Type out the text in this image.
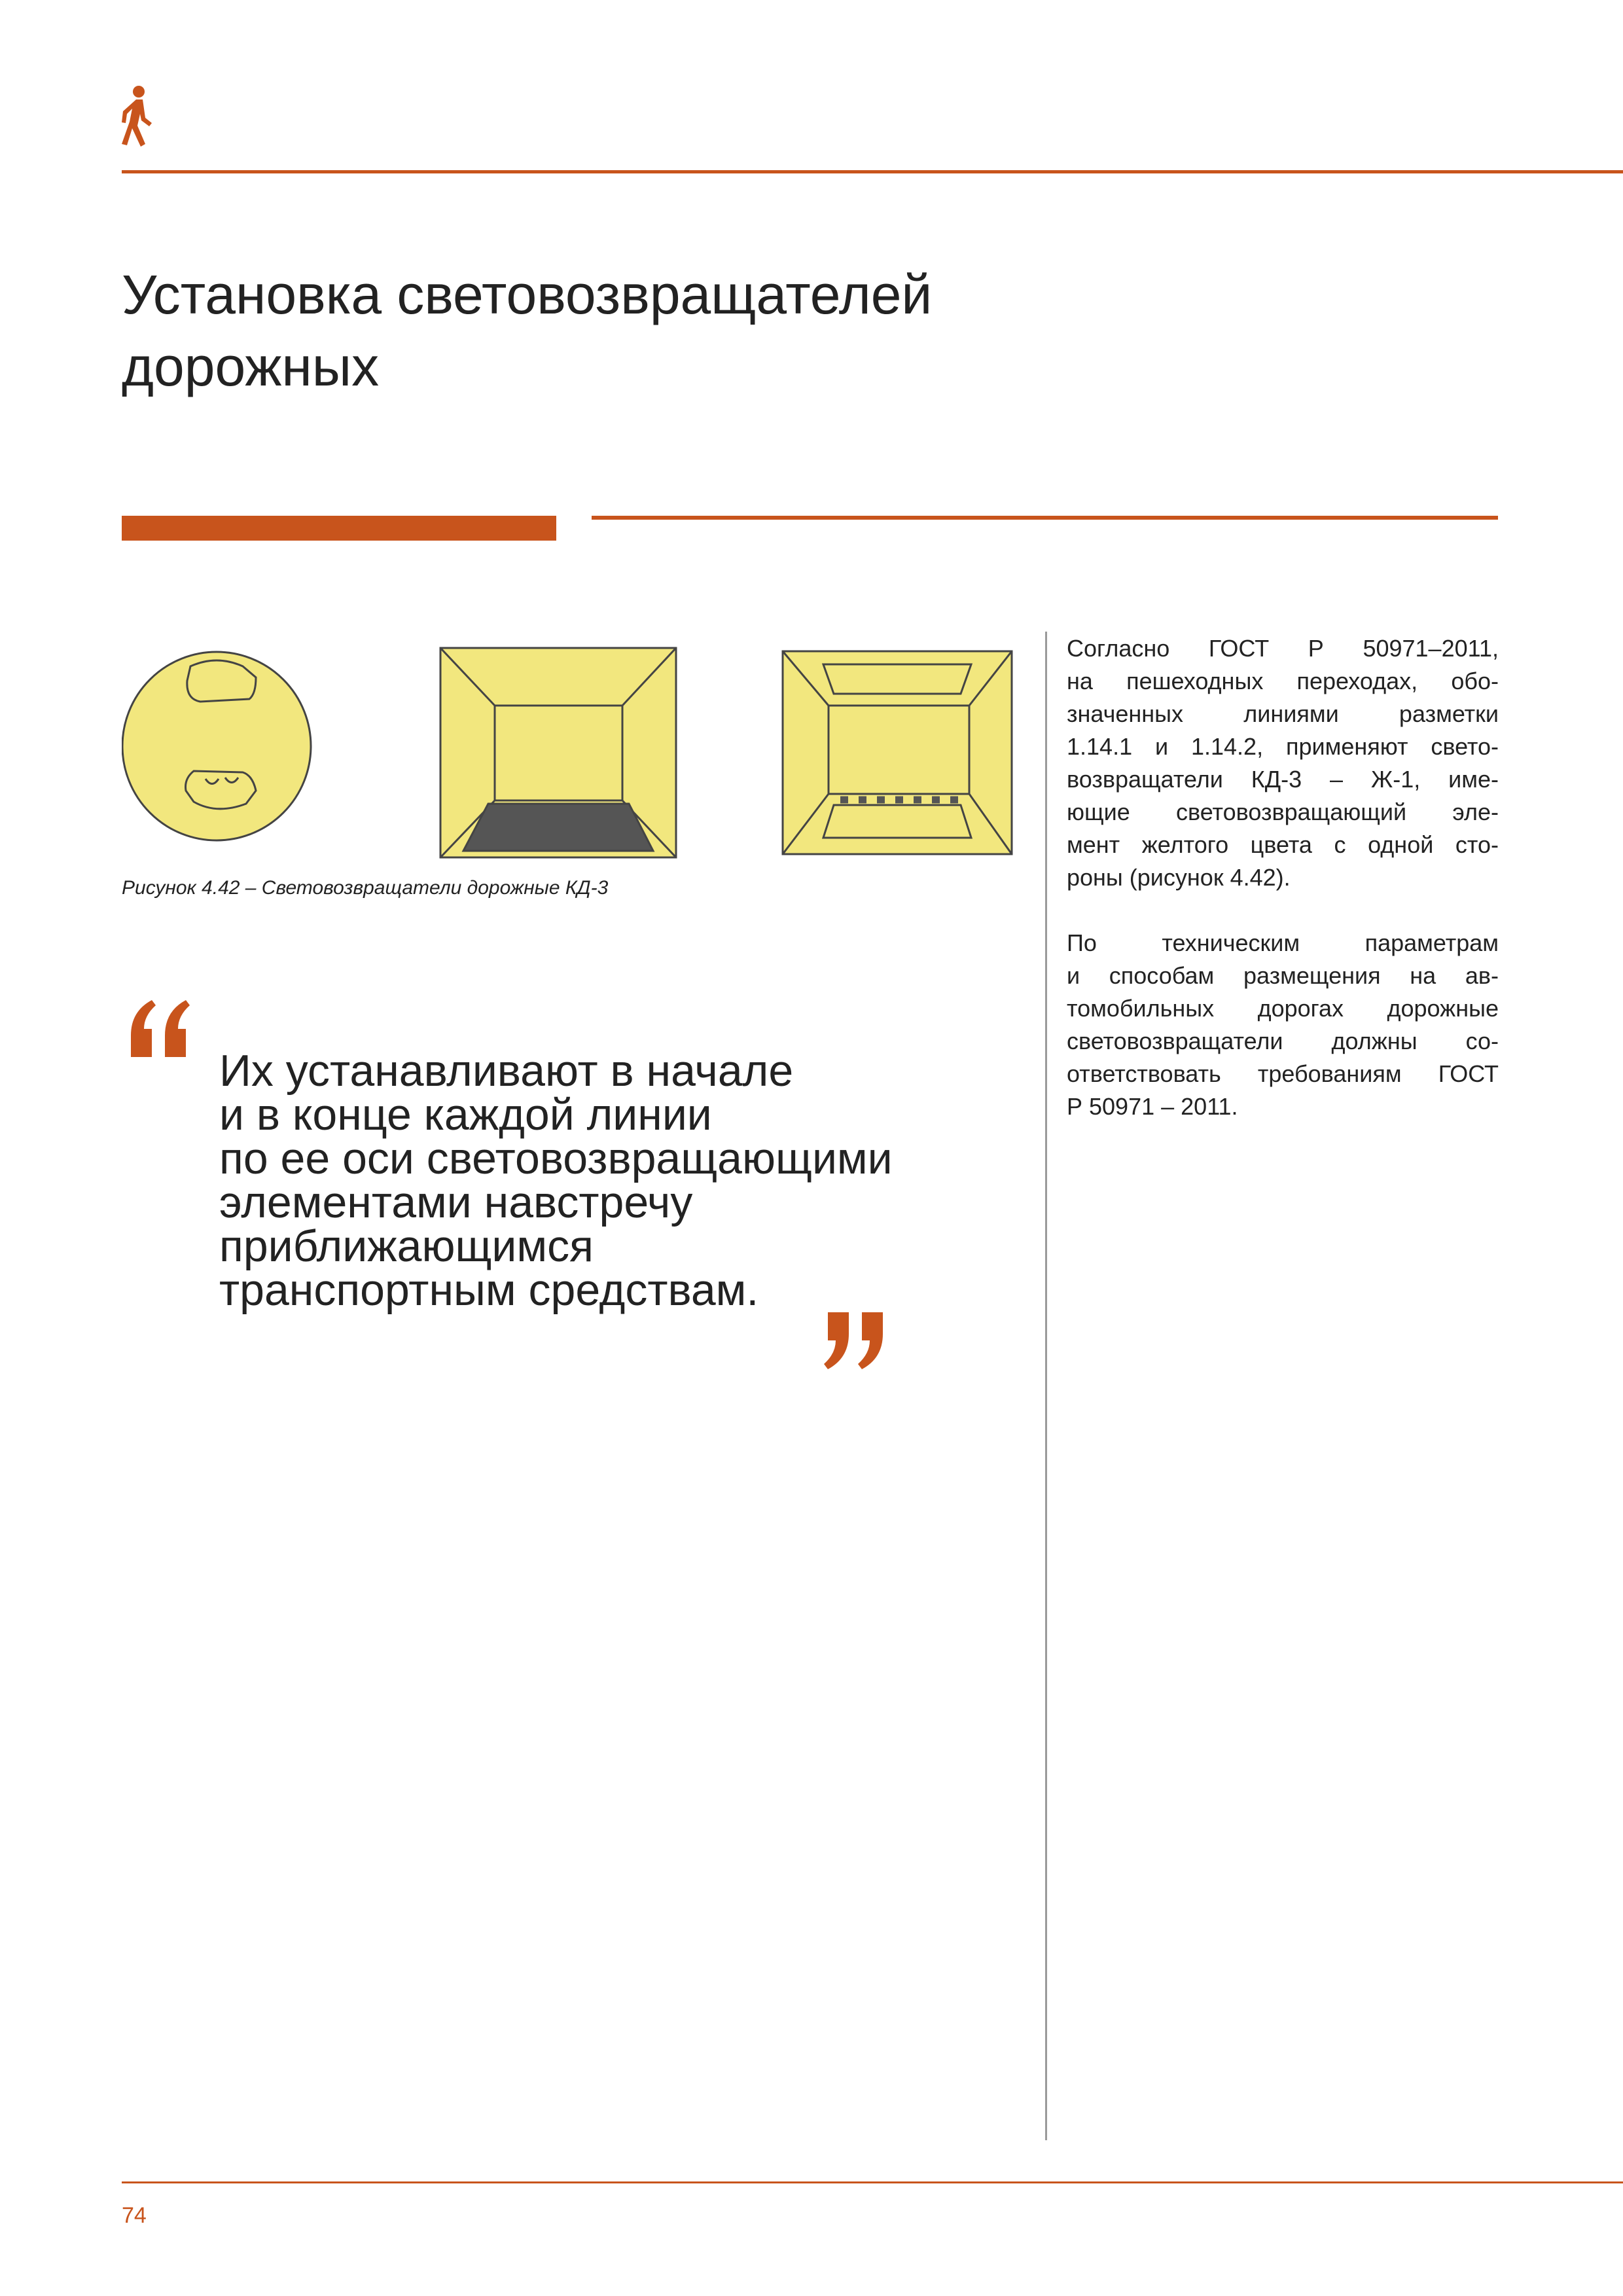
Установка световозвращателей
дорожных
Рисунок 4.42 – Световозвращатели дорожные КД-3
Их устанавливают в начале
и в конце каждой линии
по ее оси световозвращающими
элементами навстречу
приближающимся
транспортным средствам.
Согласно ГОСТ Р 50971–2011,
на пешеходных переходах, обо-
значенных линиями разметки
1.14.1 и 1.14.2, применяют свето-
возвращатели КД-3 – Ж-1, име-
ющие световозвращающий эле-
мент желтого цвета с одной сто-
роны (рисунок 4.42).
По техническим параметрам
и способам размещения на ав-
томобильных дорогах дорожные
световозвращатели должны со-
ответствовать требованиям ГОСТ
Р 50971 – 2011.
74
